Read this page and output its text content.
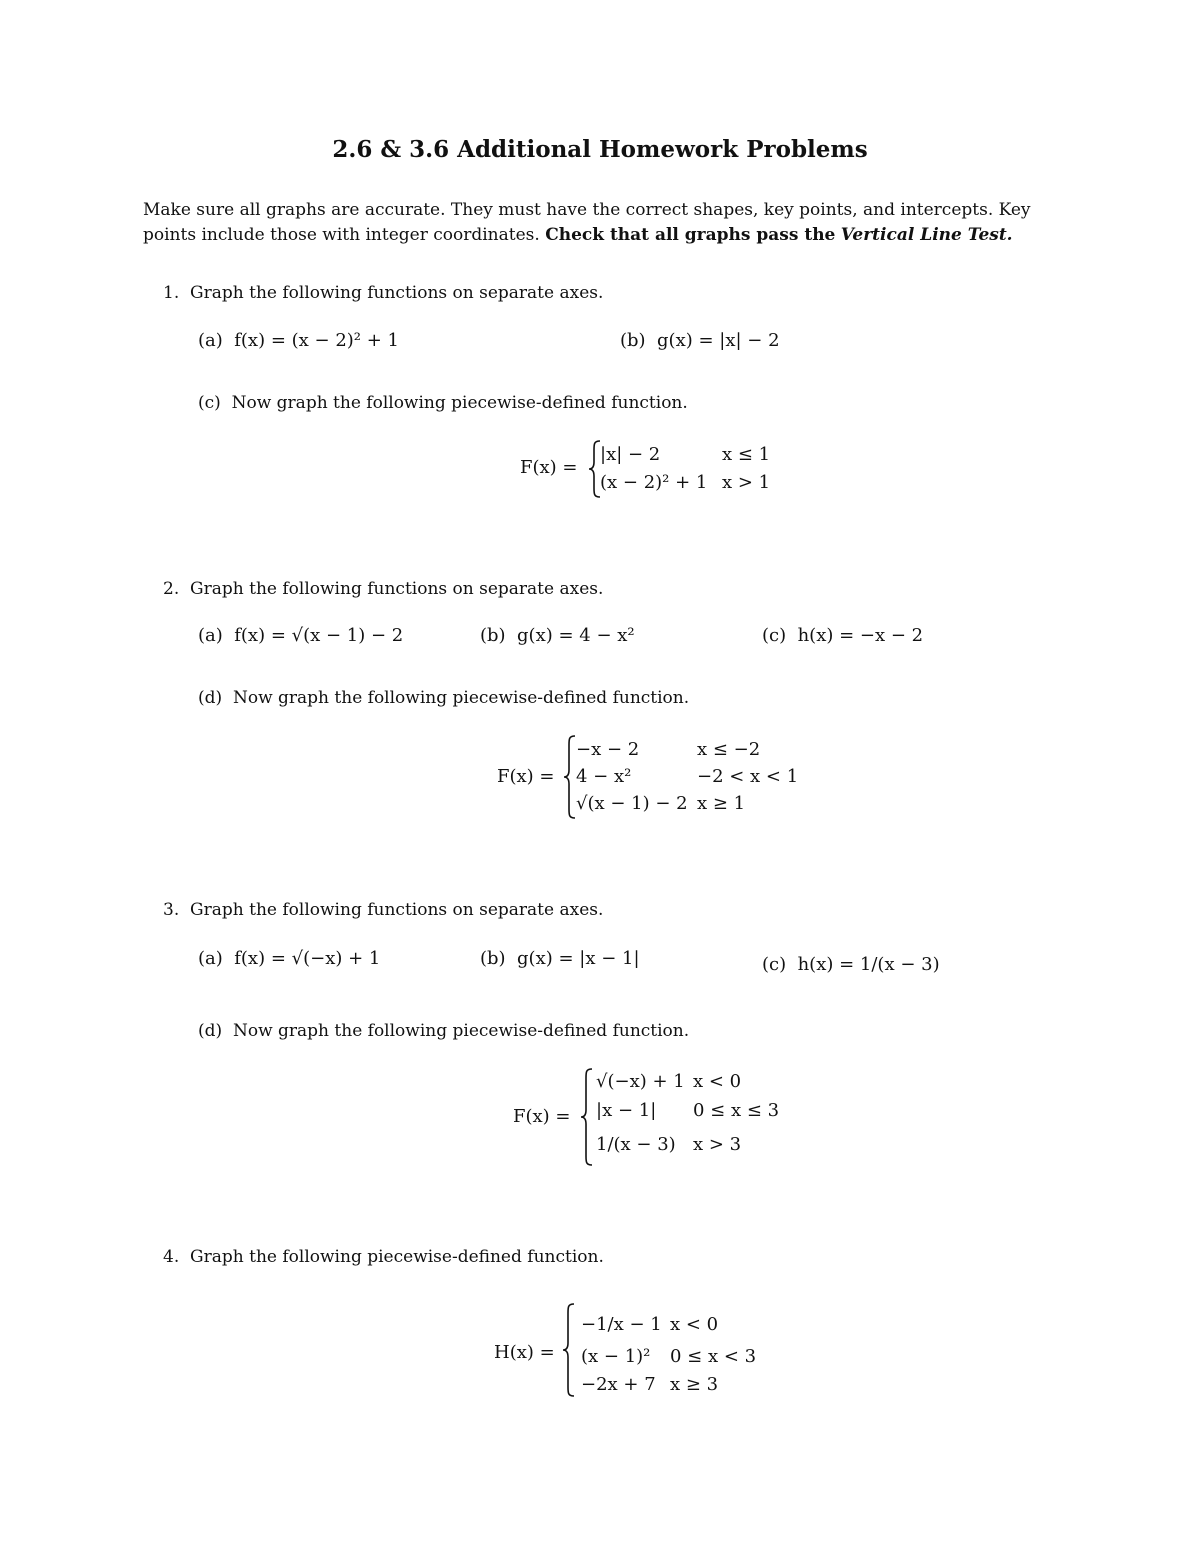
2.6 & 3.6 Additional Homework Problems
Make sure all graphs are accurate. They must have the correct shapes, key points, and intercepts. Key points include those with integer coordinates. Check that all graphs pass the Vertical Line Test.
1. Graph the following functions on separate axes.
(a) f(x) = (x − 2)² + 1	(b) g(x) = |x| − 2
(c) Now graph the following piecewise-defined function.
F(x) =
|x| − 2	x ≤ 1
(x − 2)² + 1 x > 1
2. Graph the following functions on separate axes.
(a) f(x) = √(x − 1) − 2	(b) g(x) = 4 − x²	(c) h(x) = −x − 2
(d) Now graph the following piecewise-defined function.
F(x) =
−x − 2	x ≤ −2
4 − x²	−2 < x < 1
√(x − 1) − 2 x ≥ 1
3. Graph the following functions on separate axes.
(a) f(x) = √(−x) + 1	(b) g(x) = |x − 1|	(c) h(x) = 1/(x − 3)
(d) Now graph the following piecewise-defined function.
F(x) =
√(−x) + 1 x < 0
|x − 1| 0 ≤ x ≤ 3
1/(x − 3) x > 3
4. Graph the following piecewise-defined function.
H(x) =
−1/x − 1 x < 0
(x − 1)² 0 ≤ x < 3
−2x + 7 x ≥ 3
